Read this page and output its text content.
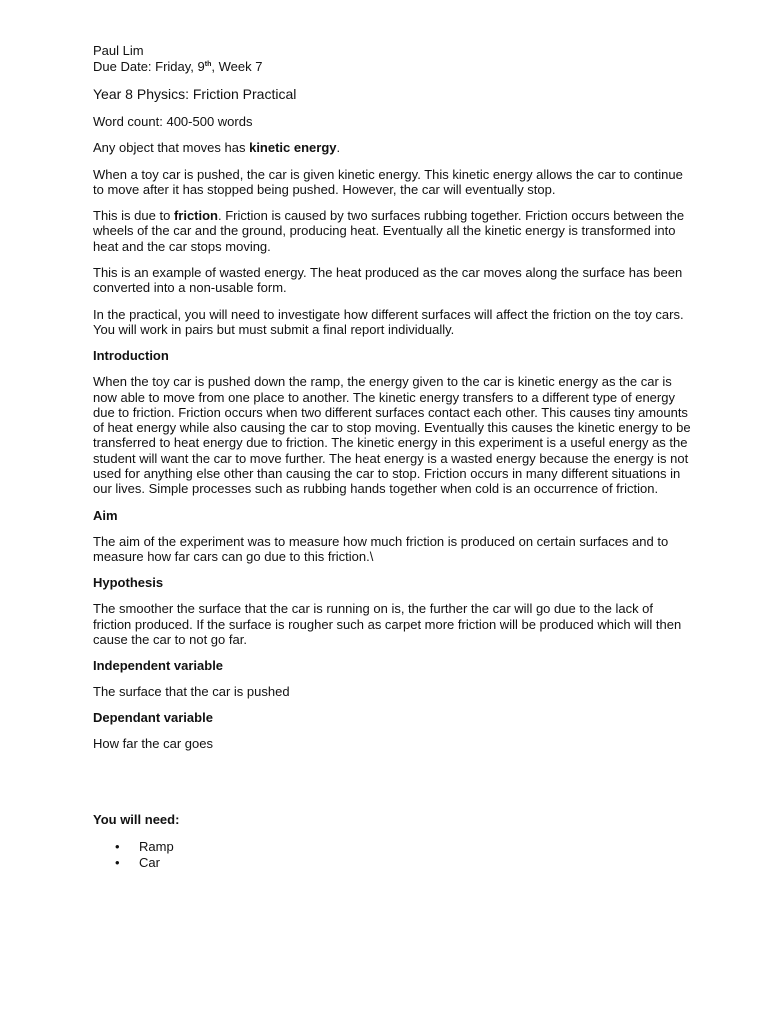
Paul Lim
Due Date: Friday, 9th, Week 7
Year 8 Physics: Friction Practical

Word count: 400-500 words

Any object that moves has kinetic energy.

When a toy car is pushed, the car is given kinetic energy. This kinetic energy allows the car to continue to move after it has stopped being pushed. However, the car will eventually stop.

This is due to friction. Friction is caused by two surfaces rubbing together. Friction occurs between the wheels of the car and the ground, producing heat. Eventually all the kinetic energy is transformed into heat and the car stops moving.

This is an example of wasted energy. The heat produced as the car moves along the surface has been converted into a non-usable form.

In the practical, you will need to investigate how different surfaces will affect the friction on the toy cars. You will work in pairs but must submit a final report individually.

Introduction

When the toy car is pushed down the ramp, the energy given to the car is kinetic energy as the car is now able to move from one place to another. The kinetic energy transfers to a different type of energy due to friction. Friction occurs when two different surfaces contact each other. This causes tiny amounts of heat energy while also causing the car to stop moving. Eventually this causes the kinetic energy to be transferred to heat energy due to friction. The kinetic energy in this experiment is a useful energy as the student will want the car to move further. The heat energy is a wasted energy because the energy is not used for anything else other than causing the car to stop. Friction occurs in many different situations in our lives. Simple processes such as rubbing hands together when cold is an occurrence of friction.

Aim

The aim of the experiment was to measure how much friction is produced on certain surfaces and to measure how far cars can go due to this friction.\

Hypothesis

The smoother the surface that the car is running on is, the further the car will go due to the lack of friction produced. If the surface is rougher such as carpet more friction will be produced which will then cause the car to not go far.

Independent variable

The surface that the car is pushed

Dependant variable

How far the car goes

You will need:
• Ramp
• Car
